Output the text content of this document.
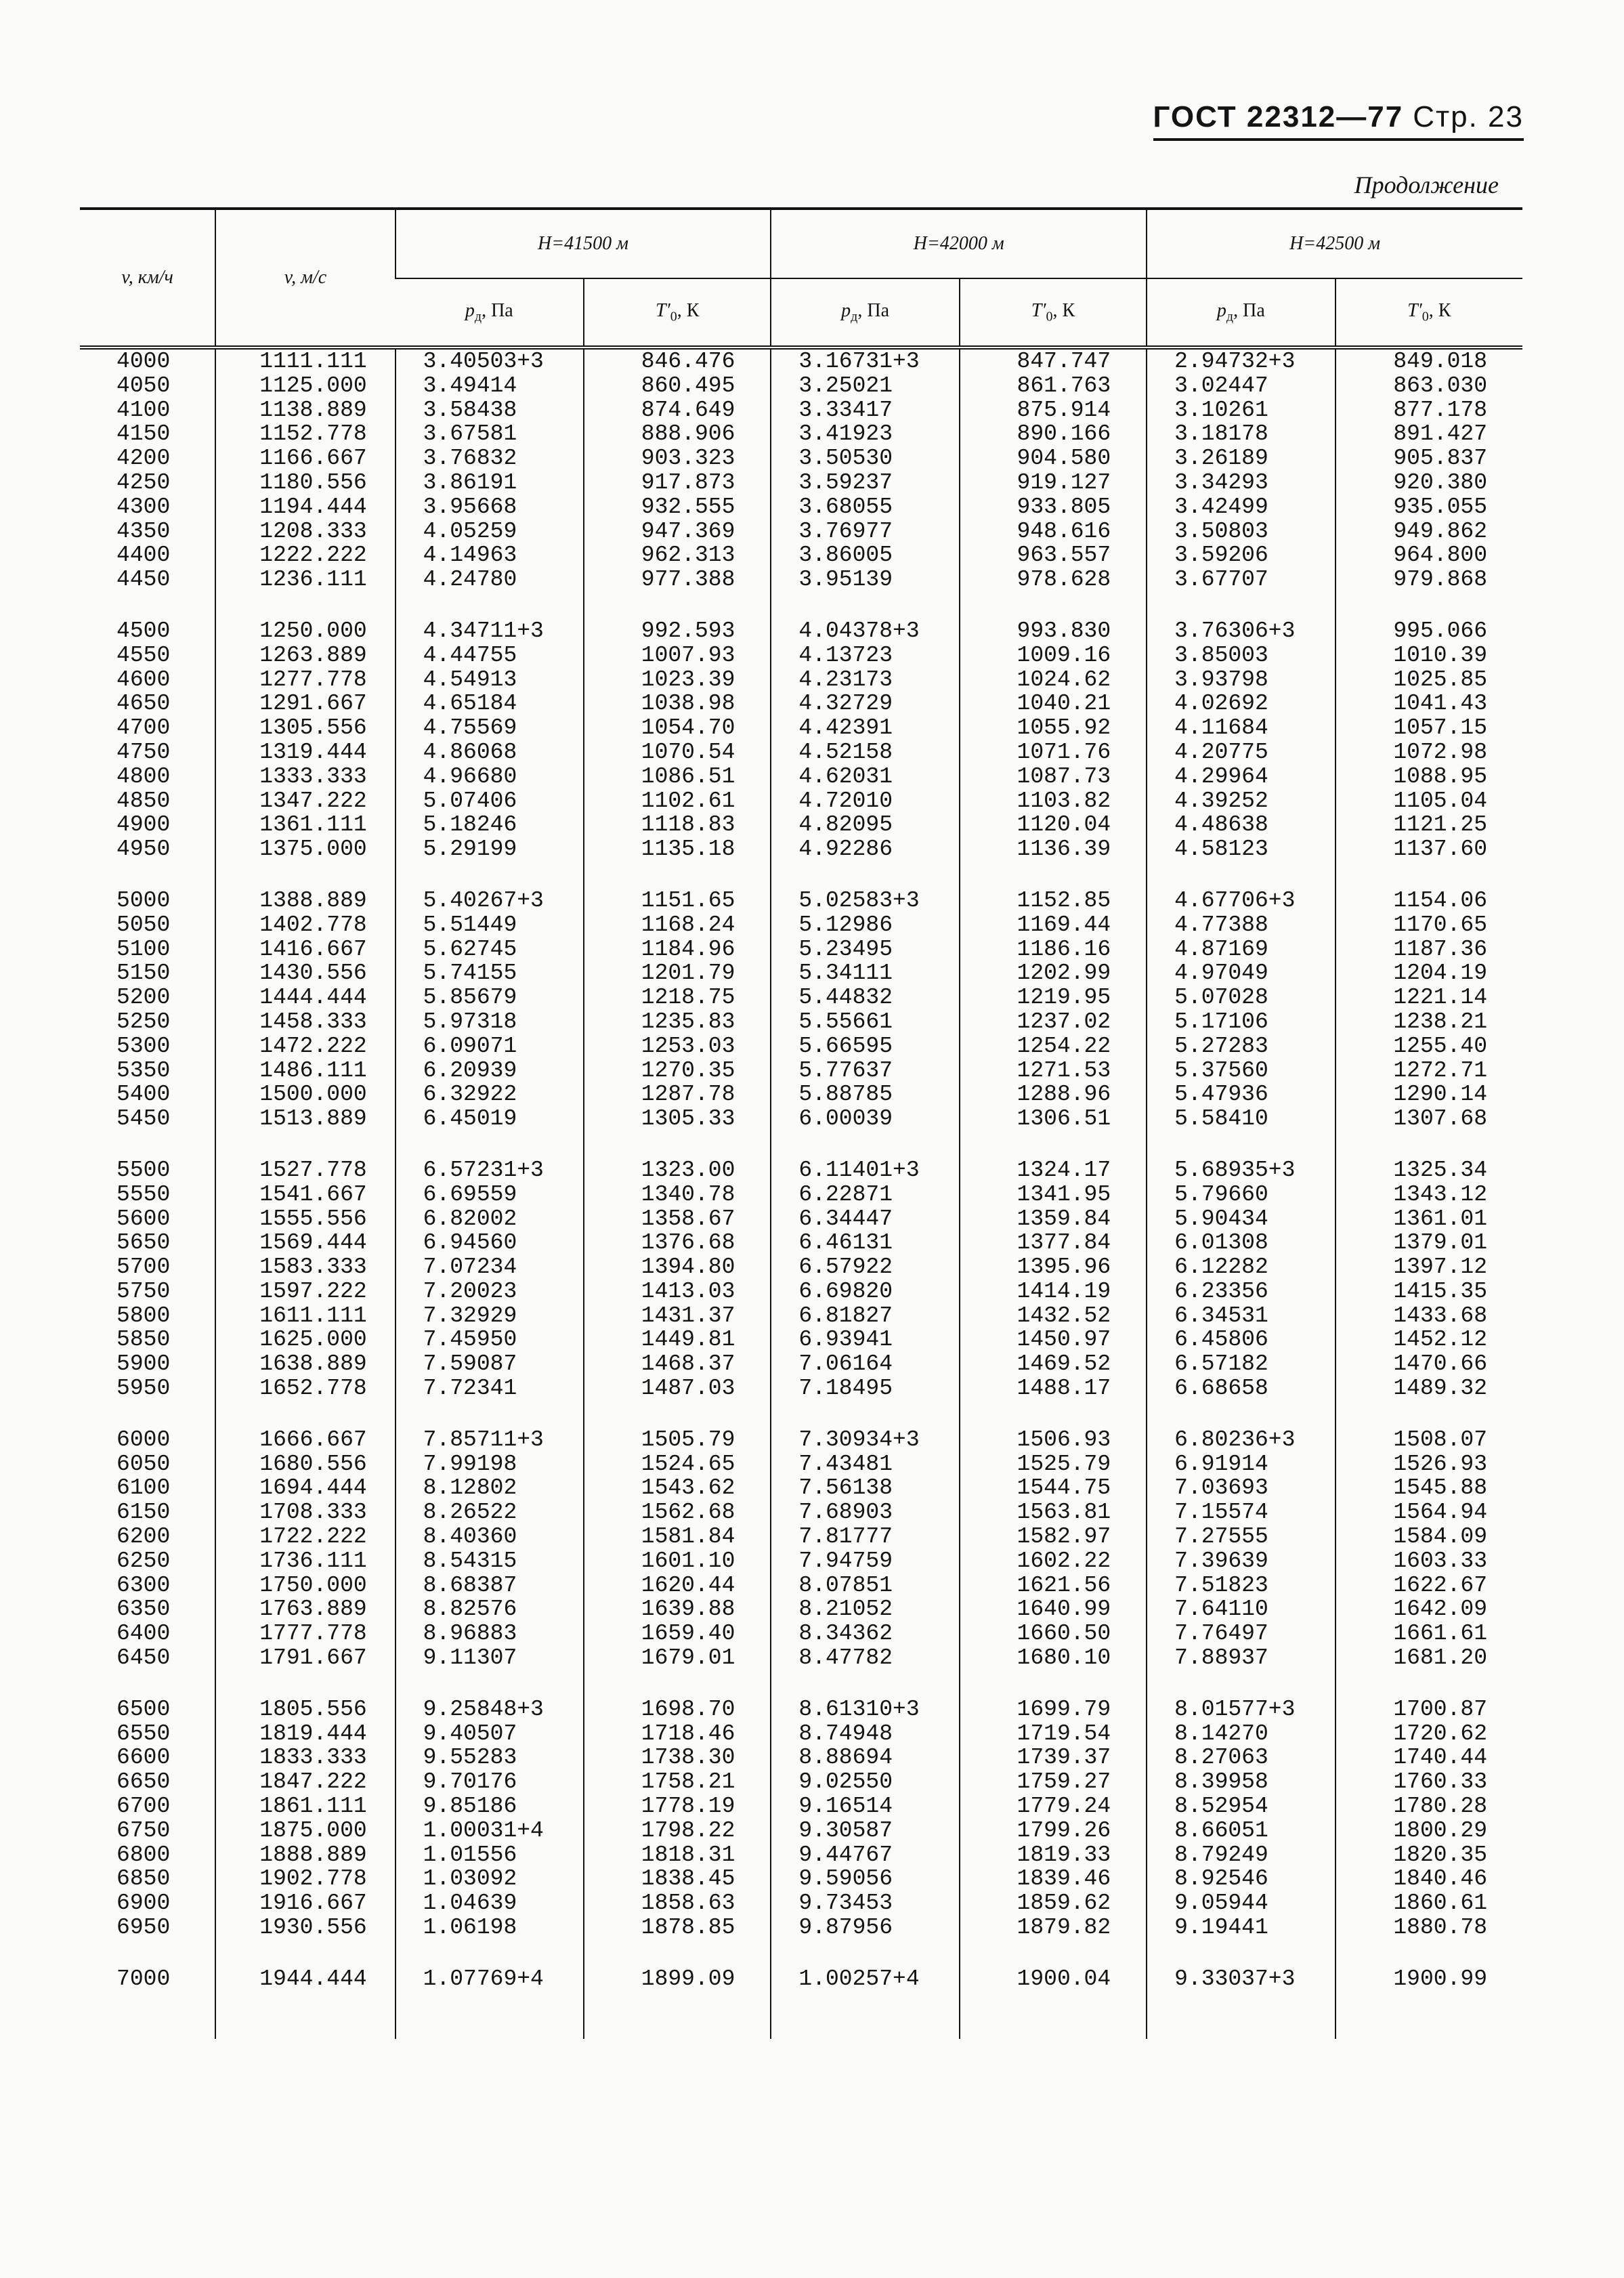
ГОСТ 22312—77 Стр. 23
Продолжение
v, км/ч	v, м/с	H=41500 м		H=42000 м		H=42500 м	
		$p_д$, Па	$T'_0$, К	$p_д$, Па	$T'_0$, К	$p_д$, Па	$T'_0$, К
4000	1111.111	3.40503+3	846.476	3.16731+3	847.747	2.94732+3	849.018
4050	1125.000	3.49414	860.495	3.25021	861.763	3.02447	863.030
4100	1138.889	3.58438	874.649	3.33417	875.914	3.10261	877.178
4150	1152.778	3.67581	888.906	3.41923	890.166	3.18178	891.427
4200	1166.667	3.76832	903.323	3.50530	904.580	3.26189	905.837
4250	1180.556	3.86191	917.873	3.59237	919.127	3.34293	920.380
4300	1194.444	3.95668	932.555	3.68055	933.805	3.42499	935.055
4350	1208.333	4.05259	947.369	3.76977	948.616	3.50803	949.862
4400	1222.222	4.14963	962.313	3.86005	963.557	3.59206	964.800
4450	1236.111	4.24780	977.388	3.95139	978.628	3.67707	979.868

4500	1250.000	4.34711+3	992.593	4.04378+3	993.830	3.76306+3	995.066
4550	1263.889	4.44755	1007.93	4.13723	1009.16	3.85003	1010.39
4600	1277.778	4.54913	1023.39	4.23173	1024.62	3.93798	1025.85
4650	1291.667	4.65184	1038.98	4.32729	1040.21	4.02692	1041.43
4700	1305.556	4.75569	1054.70	4.42391	1055.92	4.11684	1057.15
4750	1319.444	4.86068	1070.54	4.52158	1071.76	4.20775	1072.98
4800	1333.333	4.96680	1086.51	4.62031	1087.73	4.29964	1088.95
4850	1347.222	5.07406	1102.61	4.72010	1103.82	4.39252	1105.04
4900	1361.111	5.18246	1118.83	4.82095	1120.04	4.48638	1121.25
4950	1375.000	5.29199	1135.18	4.92286	1136.39	4.58123	1137.60

5000	1388.889	5.40267+3	1151.65	5.02583+3	1152.85	4.67706+3	1154.06
5050	1402.778	5.51449	1168.24	5.12986	1169.44	4.77388	1170.65
5100	1416.667	5.62745	1184.96	5.23495	1186.16	4.87169	1187.36
5150	1430.556	5.74155	1201.79	5.34111	1202.99	4.97049	1204.19
5200	1444.444	5.85679	1218.75	5.44832	1219.95	5.07028	1221.14
5250	1458.333	5.97318	1235.83	5.55661	1237.02	5.17106	1238.21
5300	1472.222	6.09071	1253.03	5.66595	1254.22	5.27283	1255.40
5350	1486.111	6.20939	1270.35	5.77637	1271.53	5.37560	1272.71
5400	1500.000	6.32922	1287.78	5.88785	1288.96	5.47936	1290.14
5450	1513.889	6.45019	1305.33	6.00039	1306.51	5.58410	1307.68

5500	1527.778	6.57231+3	1323.00	6.11401+3	1324.17	5.68935+3	1325.34
5550	1541.667	6.69559	1340.78	6.22871	1341.95	5.79660	1343.12
5600	1555.556	6.82002	1358.67	6.34447	1359.84	5.90434	1361.01
5650	1569.444	6.94560	1376.68	6.46131	1377.84	6.01308	1379.01
5700	1583.333	7.07234	1394.80	6.57922	1395.96	6.12282	1397.12
5750	1597.222	7.20023	1413.03	6.69820	1414.19	6.23356	1415.35
5800	1611.111	7.32929	1431.37	6.81827	1432.52	6.34531	1433.68
5850	1625.000	7.45950	1449.81	6.93941	1450.97	6.45806	1452.12
5900	1638.889	7.59087	1468.37	7.06164	1469.52	6.57182	1470.66
5950	1652.778	7.72341	1487.03	7.18495	1488.17	6.68658	1489.32

6000	1666.667	7.85711+3	1505.79	7.30934+3	1506.93	6.80236+3	1508.07
6050	1680.556	7.99198	1524.65	7.43481	1525.79	6.91914	1526.93
6100	1694.444	8.12802	1543.62	7.56138	1544.75	7.03693	1545.88
6150	1708.333	8.26522	1562.68	7.68903	1563.81	7.15574	1564.94
6200	1722.222	8.40360	1581.84	7.81777	1582.97	7.27555	1584.09
6250	1736.111	8.54315	1601.10	7.94759	1602.22	7.39639	1603.33
6300	1750.000	8.68387	1620.44	8.07851	1621.56	7.51823	1622.67
6350	1763.889	8.82576	1639.88	8.21052	1640.99	7.64110	1642.09
6400	1777.778	8.96883	1659.40	8.34362	1660.50	7.76497	1661.61
6450	1791.667	9.11307	1679.01	8.47782	1680.10	7.88937	1681.20

6500	1805.556	9.25848+3	1698.70	8.61310+3	1699.79	8.01577+3	1700.87
6550	1819.444	9.40507	1718.46	8.74948	1719.54	8.14270	1720.62
6600	1833.333	9.55283	1738.30	8.88694	1739.37	8.27063	1740.44
6650	1847.222	9.70176	1758.21	9.02550	1759.27	8.39958	1760.33
6700	1861.111	9.85186	1778.19	9.16514	1779.24	8.52954	1780.28
6750	1875.000	1.00031+4	1798.22	9.30587	1799.26	8.66051	1800.29
6800	1888.889	1.01556	1818.31	9.44767	1819.33	8.79249	1820.35
6850	1902.778	1.03092	1838.45	9.59056	1839.46	8.92546	1840.46
6900	1916.667	1.04639	1858.63	9.73453	1859.62	9.05944	1860.61
6950	1930.556	1.06198	1878.85	9.87956	1879.82	9.19441	1880.78

7000	1944.444	1.07769+4	1899.09	1.00257+4	1900.04	9.33037+3	1900.99
